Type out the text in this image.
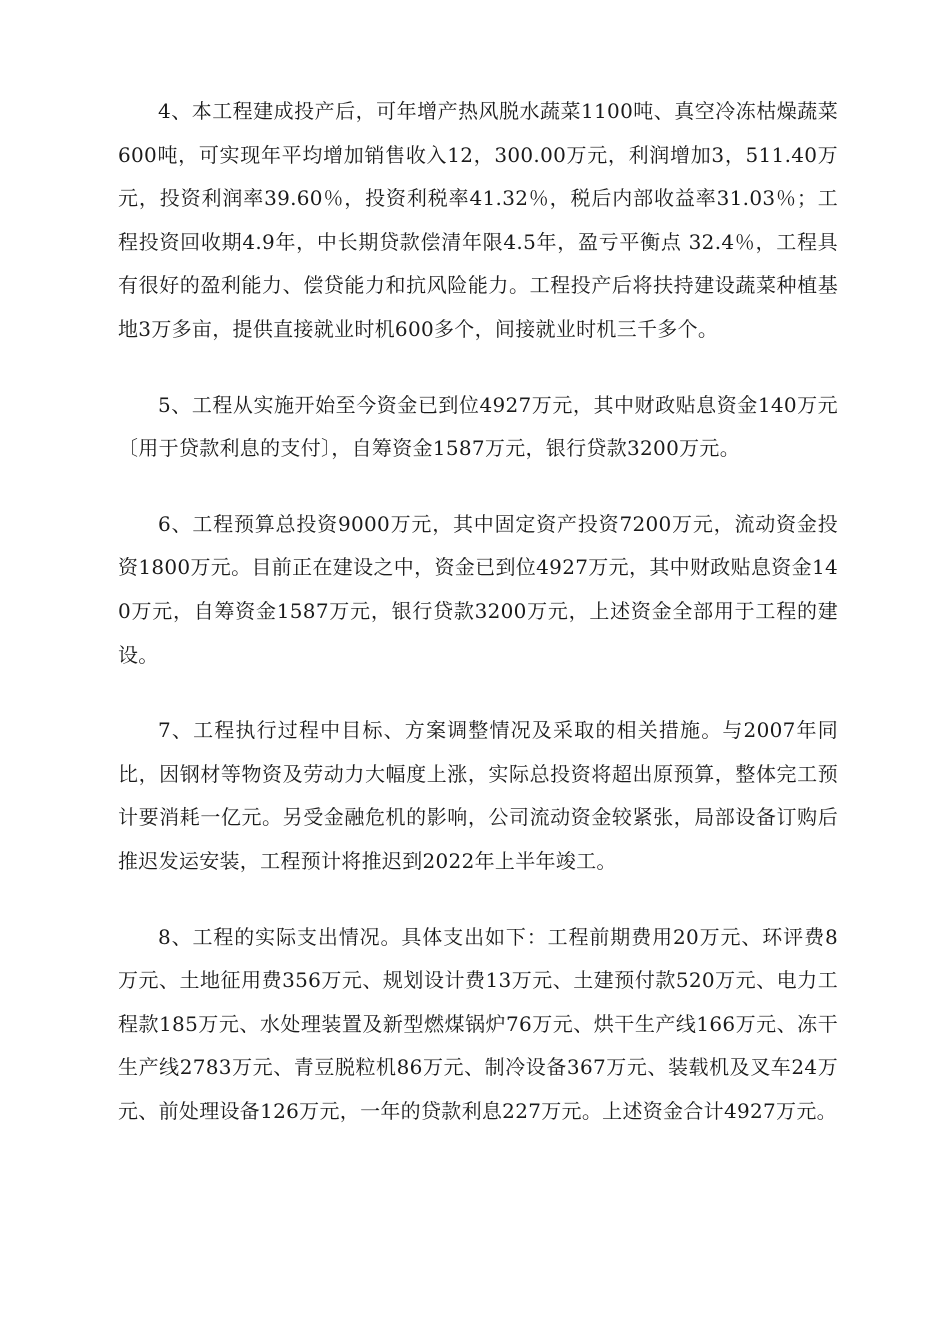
4、本工程建成投产后，可年增产热风脱水蔬菜1100吨、真空冷冻枯燥蔬菜600吨，可实现年平均增加销售收入12，300.00万元，利润增加3，511.40万元，投资利润率39.60％，投资利税率41.32％，税后内部收益率31.03％；工程投资回收期4.9年，中长期贷款偿清年限4.5年，盈亏平衡点 32.4％，工程具有很好的盈利能力、偿贷能力和抗风险能力。工程投产后将扶持建设蔬菜种植基地3万多亩，提供直接就业时机600多个，间接就业时机三千多个。

5、工程从实施开始至今资金已到位4927万元，其中财政贴息资金140万元〔用于贷款利息的支付〕，自筹资金1587万元，银行贷款3200万元。

6、工程预算总投资9000万元，其中固定资产投资7200万元，流动资金投资1800万元。目前正在建设之中，资金已到位4927万元，其中财政贴息资金140万元，自筹资金1587万元，银行贷款3200万元，上述资金全部用于工程的建设。

7、工程执行过程中目标、方案调整情况及采取的相关措施。与2007年同比，因钢材等物资及劳动力大幅度上涨，实际总投资将超出原预算，整体完工预计要消耗一亿元。另受金融危机的影响，公司流动资金较紧张，局部设备订购后推迟发运安装，工程预计将推迟到2022年上半年竣工。

8、工程的实际支出情况。具体支出如下：工程前期费用20万元、环评费8万元、土地征用费356万元、规划设计费13万元、土建预付款520万元、电力工程款185万元、水处理装置及新型燃煤锅炉76万元、烘干生产线166万元、冻干生产线2783万元、青豆脱粒机86万元、制冷设备367万元、装载机及叉车24万元、前处理设备126万元，一年的贷款利息227万元。上述资金合计4927万元。
